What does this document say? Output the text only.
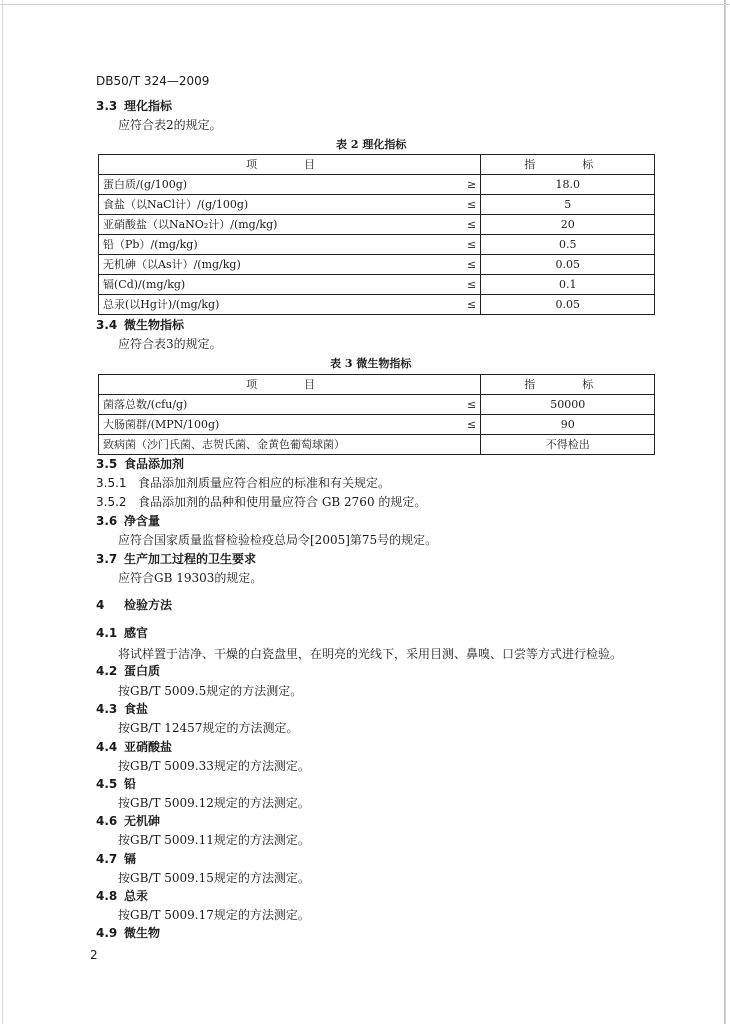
DB50/T 324—2009
3.3 理化指标
应符合表2的规定。
表 2 理化指标
项　目		指　标
蛋白质/(g/100g)	≥	18.0
食盐（以NaCl计）/(g/100g)	≤	5
亚硝酸盐（以NaNO₂计）/(mg/kg)	≤	20
铅（Pb）/(mg/kg)	≤	0.5
无机砷（以As计）/(mg/kg)	≤	0.05
镉(Cd)/(mg/kg)	≤	0.1
总汞(以Hg计)/(mg/kg)	≤	0.05
3.4 微生物指标
应符合表3的规定。
表 3 微生物指标
项　目		指　标
菌落总数/(cfu/g)	≤	50000
大肠菌群/(MPN/100g)	≤	90
致病菌（沙门氏菌、志贺氏菌、金黄色葡萄球菌）		不得检出
3.5 食品添加剂
3.5.1 食品添加剂质量应符合相应的标准和有关规定。
3.5.2 食品添加剂的品种和使用量应符合 GB 2760 的规定。
3.6 净含量
应符合国家质量监督检验检疫总局令[2005]第75号的规定。
3.7 生产加工过程的卫生要求
应符合GB 19303的规定。
4 检验方法
4.1 感官
将试样置于洁净、干燥的白瓷盘里，在明亮的光线下，采用目测、鼻嗅、口尝等方式进行检验。
4.2 蛋白质
按GB/T 5009.5规定的方法测定。
4.3 食盐
按GB/T 12457规定的方法测定。
4.4 亚硝酸盐
按GB/T 5009.33规定的方法测定。
4.5 铅
按GB/T 5009.12规定的方法测定。
4.6 无机砷
按GB/T 5009.11规定的方法测定。
4.7 镉
按GB/T 5009.15规定的方法测定。
4.8 总汞
按GB/T 5009.17规定的方法测定。
4.9 微生物
2
